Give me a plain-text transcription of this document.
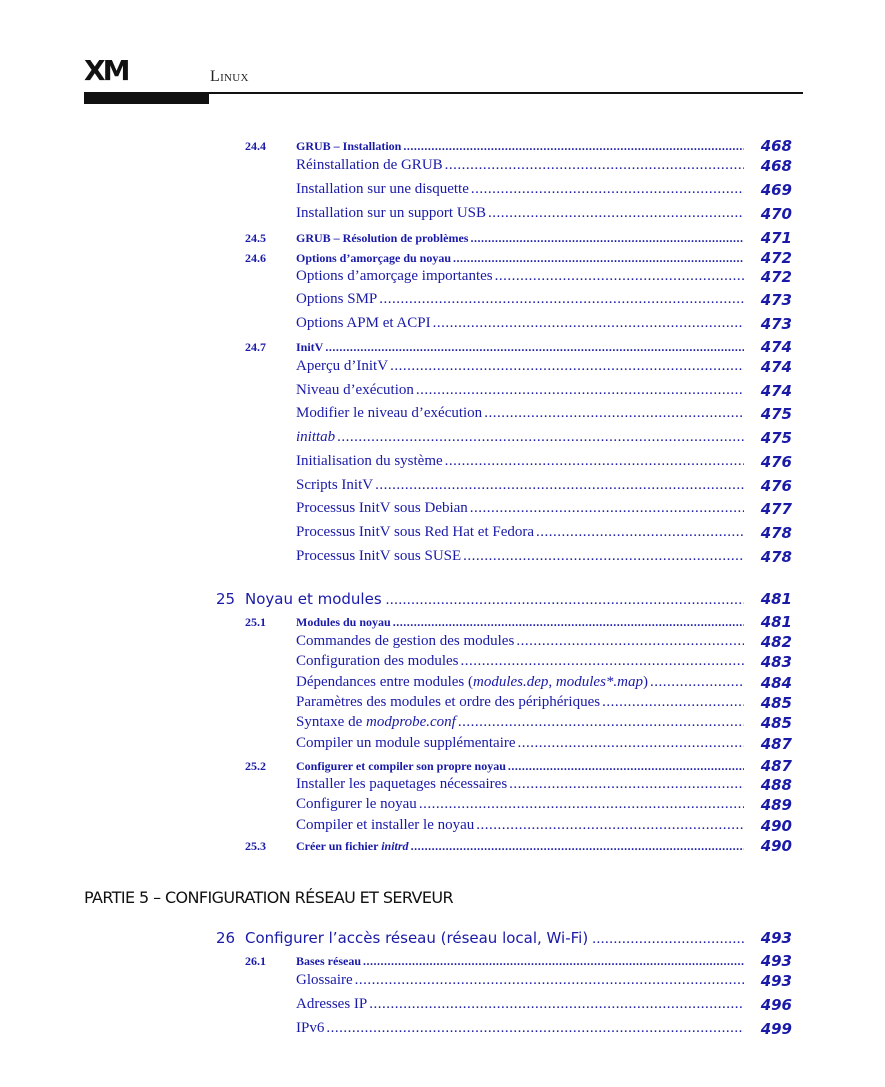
XM	Linux
24.4	GRUB – Installation .....	468
Réinstallation de GRUB .....	468
Installation sur une disquette .....	469
Installation sur un support USB .....	470
24.5	GRUB – Résolution de problèmes .....	471
24.6	Options d’amorçage du noyau .....	472
Options d’amorçage importantes .....	472
Options SMP .....	473
Options APM et ACPI .....	473
24.7	InitV .....	474
Aperçu d’InitV .....	474
Niveau d’exécution .....	474
Modifier le niveau d’exécution .....	475
inittab .....	475
Initialisation du système .....	476
Scripts InitV .....	476
Processus InitV sous Debian .....	477
Processus InitV sous Red Hat et Fedora .....	478
Processus InitV sous SUSE .....	478
25 Noyau et modules .....	481
25.1	Modules du noyau .....	481
Commandes de gestion des modules .....	482
Configuration des modules .....	483
Dépendances entre modules (modules.dep, modules*.map) .....	484
Paramètres des modules et ordre des périphériques .....	485
Syntaxe de modprobe.conf .....	485
Compiler un module supplémentaire .....	487
25.2	Configurer et compiler son propre noyau .....	487
Installer les paquetages nécessaires .....	488
Configurer le noyau .....	489
Compiler et installer le noyau .....	490
25.3	Créer un fichier initrd .....	490
26 Configurer l’accès réseau (réseau local, Wi-Fi) .....	493
26.1	Bases réseau .....	493
Glossaire .....	493
Adresses IP .....	496
IPv6 .....	499
PARTIE 5 – CONFIGURATION RÉSEAU ET SERVEUR
